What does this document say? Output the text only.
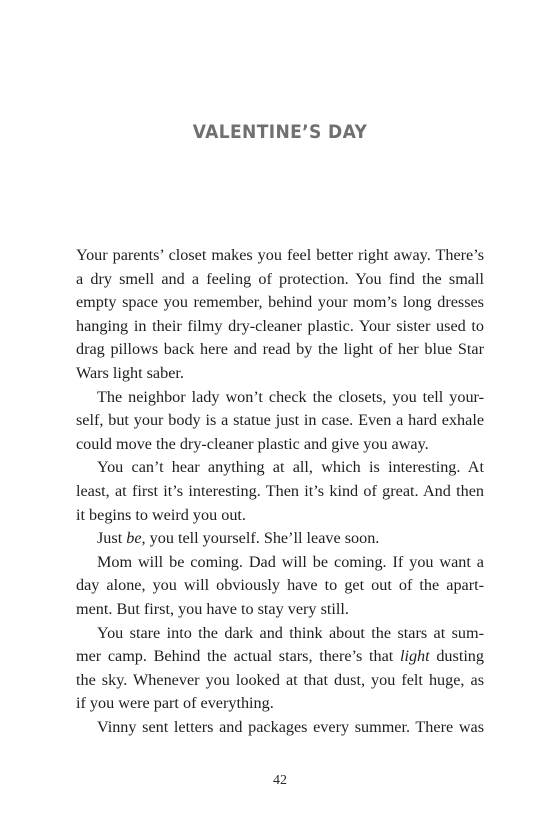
VALENTINE’S DAY
Your parents’ closet makes you feel better right away. There’s
a dry smell and a feeling of protection. You find the small
empty space you remember, behind your mom’s long dresses
hanging in their filmy dry-cleaner plastic. Your sister used to
drag pillows back here and read by the light of her blue Star
Wars light saber.
The neighbor lady won’t check the closets, you tell your-
self, but your body is a statue just in case. Even a hard exhale
could move the dry-cleaner plastic and give you away.
You can’t hear anything at all, which is interesting. At
least, at first it’s interesting. Then it’s kind of great. And then
it begins to weird you out.
Just be, you tell yourself. She’ll leave soon.
Mom will be coming. Dad will be coming. If you want a
day alone, you will obviously have to get out of the apart-
ment. But first, you have to stay very still.
You stare into the dark and think about the stars at sum-
mer camp. Behind the actual stars, there’s that light dusting
the sky. Whenever you looked at that dust, you felt huge, as
if you were part of everything.
Vinny sent letters and packages every summer. There was
42
